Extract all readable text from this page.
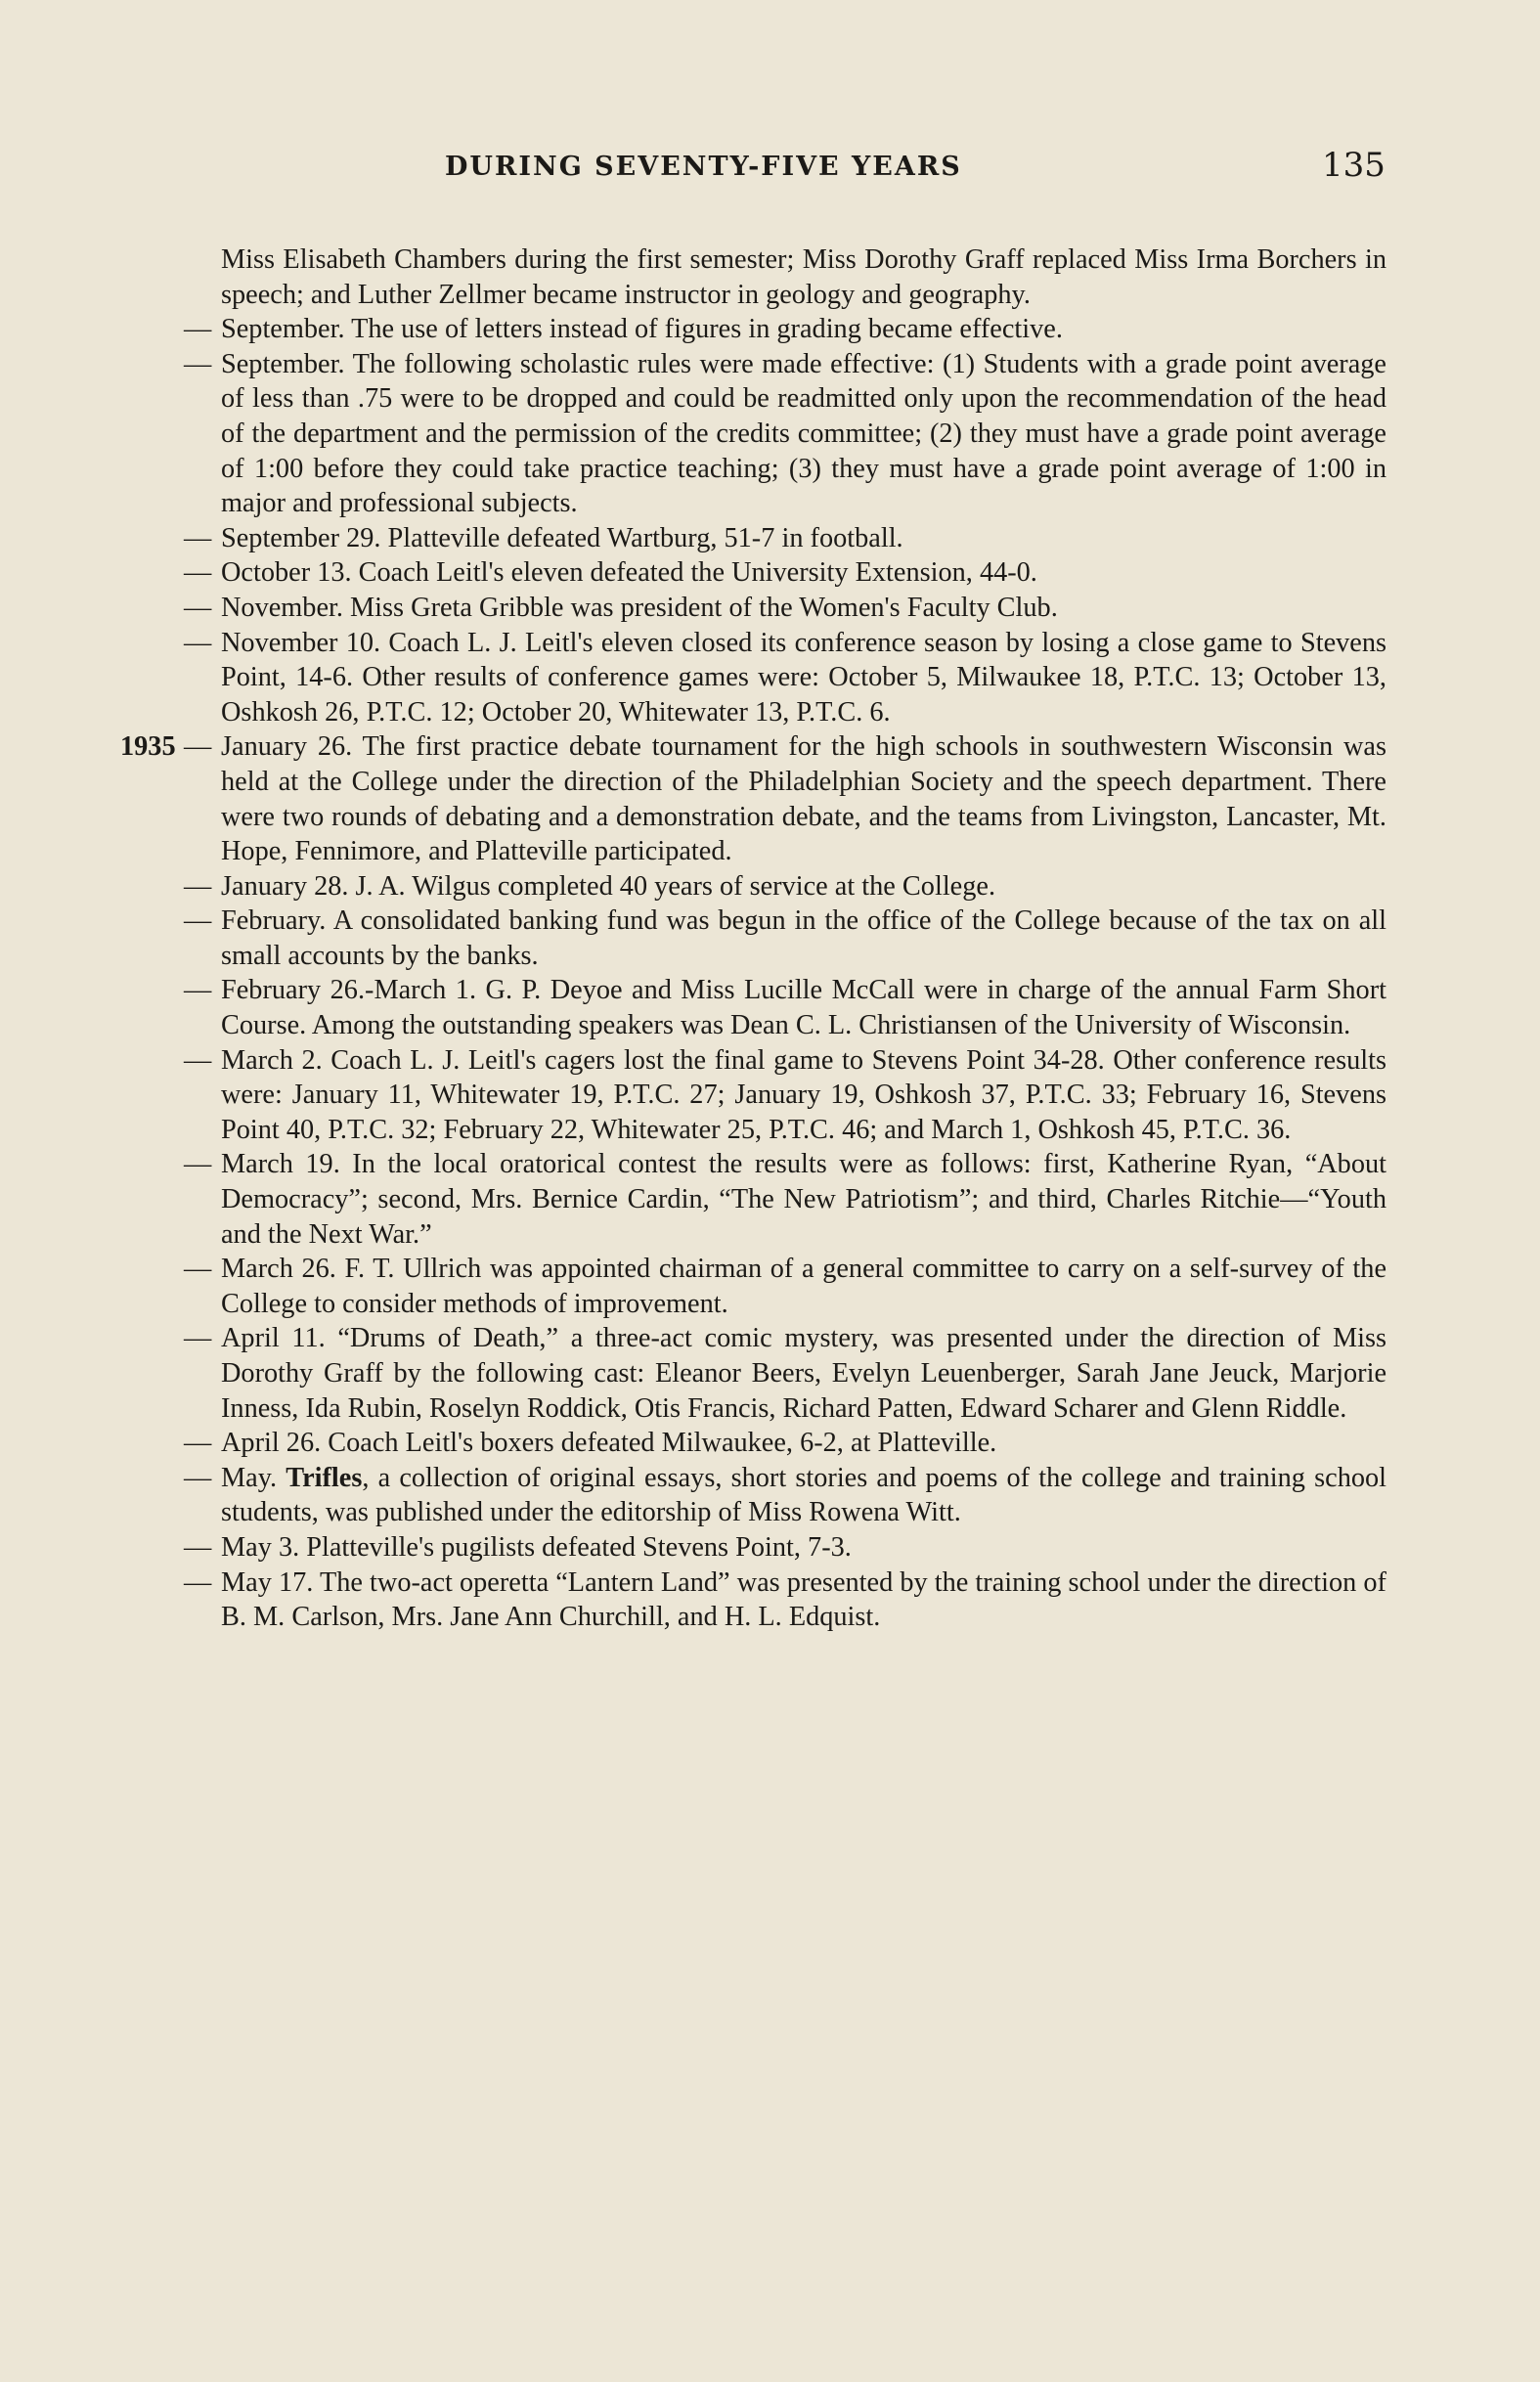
DURING SEVENTY-FIVE YEARS	135

Miss Elisabeth Chambers during the first semester; Miss Dorothy Graff replaced Miss Irma Borchers in speech; and Luther Zellmer became instructor in geology and geography.

— September. The use of letters instead of figures in grading became effective.

— September. The following scholastic rules were made effective: (1) Students with a grade point average of less than .75 were to be dropped and could be readmitted only upon the recommendation of the head of the department and the permission of the credits committee; (2) they must have a grade point average of 1:00 before they could take practice teaching; (3) they must have a grade point average of 1:00 in major and professional subjects.

— September 29. Platteville defeated Wartburg, 51-7 in football.

— October 13. Coach Leitl's eleven defeated the University Extension, 44-0.

— November. Miss Greta Gribble was president of the Women's Faculty Club.

— November 10. Coach L. J. Leitl's eleven closed its conference season by losing a close game to Stevens Point, 14-6. Other results of conference games were: October 5, Milwaukee 18, P.T.C. 13; October 13, Oshkosh 26, P.T.C. 12; October 20, Whitewater 13, P.T.C. 6.

1935 — January 26. The first practice debate tournament for the high schools in southwestern Wisconsin was held at the College under the direction of the Philadelphian Society and the speech department. There were two rounds of debating and a demonstration debate, and the teams from Livingston, Lancaster, Mt. Hope, Fennimore, and Platteville participated.

— January 28. J. A. Wilgus completed 40 years of service at the College.

— February. A consolidated banking fund was begun in the office of the College because of the tax on all small accounts by the banks.

— February 26.-March 1. G. P. Deyoe and Miss Lucille McCall were in charge of the annual Farm Short Course. Among the outstanding speakers was Dean C. L. Christiansen of the University of Wisconsin.

— March 2. Coach L. J. Leitl's cagers lost the final game to Stevens Point 34-28. Other conference results were: January 11, Whitewater 19, P.T.C. 27; January 19, Oshkosh 37, P.T.C. 33; February 16, Stevens Point 40, P.T.C. 32; February 22, Whitewater 25, P.T.C. 46; and March 1, Oshkosh 45, P.T.C. 36.

— March 19. In the local oratorical contest the results were as follows: first, Katherine Ryan, “About Democracy”; second, Mrs. Bernice Cardin, “The New Patriotism”; and third, Charles Ritchie—“Youth and the Next War.”

— March 26. F. T. Ullrich was appointed chairman of a general committee to carry on a self-survey of the College to consider methods of improvement.

— April 11. “Drums of Death,” a three-act comic mystery, was presented under the direction of Miss Dorothy Graff by the following cast: Eleanor Beers, Evelyn Leuenberger, Sarah Jane Jeuck, Marjorie Inness, Ida Rubin, Roselyn Roddick, Otis Francis, Richard Patten, Edward Scharer and Glenn Riddle.

— April 26. Coach Leitl's boxers defeated Milwaukee, 6-2, at Platteville.

— May. Trifles, a collection of original essays, short stories and poems of the college and training school students, was published under the editorship of Miss Rowena Witt.

— May 3. Platteville's pugilists defeated Stevens Point, 7-3.

— May 17. The two-act operetta “Lantern Land” was presented by the training school under the direction of B. M. Carlson, Mrs. Jane Ann Churchill, and H. L. Edquist.
